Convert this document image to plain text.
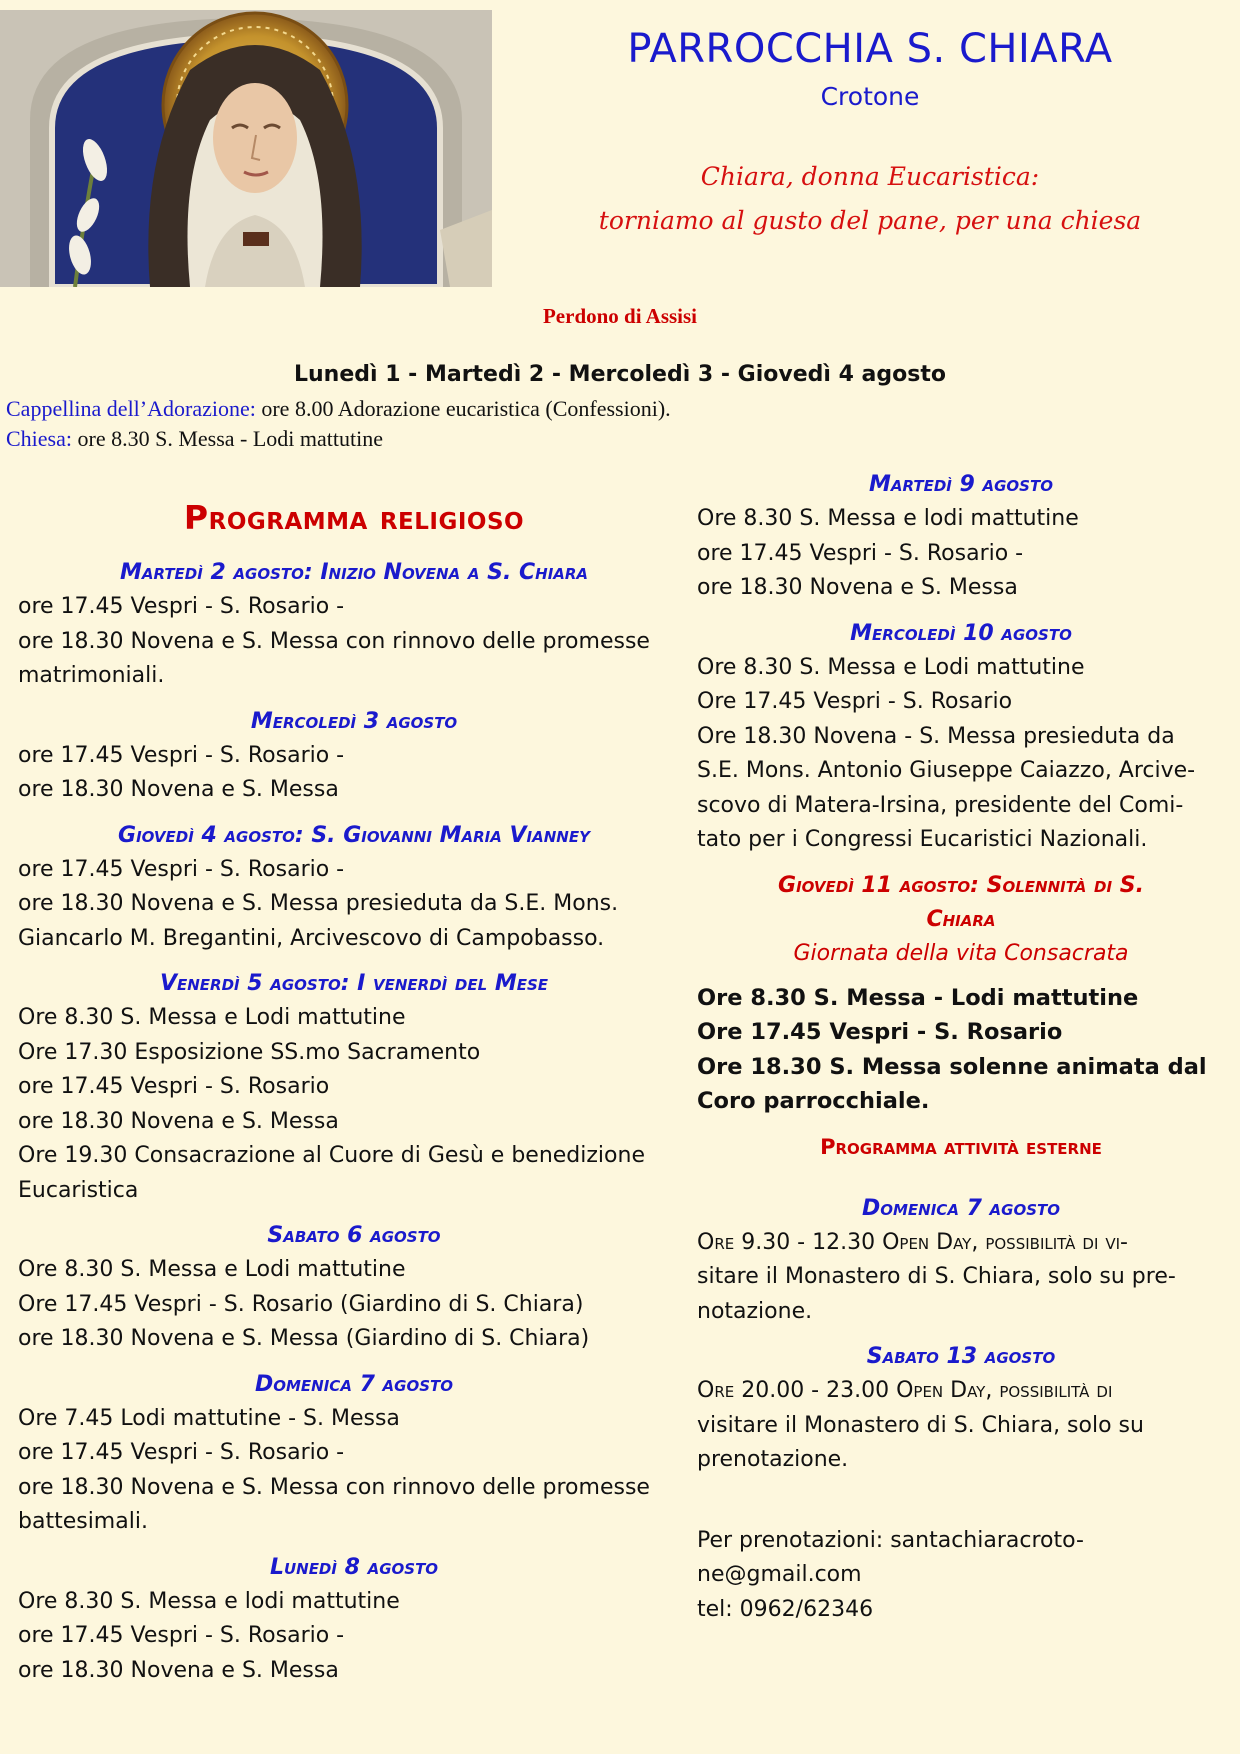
PARROCCHIA S. CHIARA
Crotone
Chiara, donna Eucaristica:
torniamo al gusto del pane, per una chiesa
Perdono di Assisi
Lunedì 1 - Martedì 2 - Mercoledì 3 - Giovedì 4 agosto
Cappellina dell’Adorazione: ore 8.00 Adorazione eucaristica (Confessioni).
Chiesa: ore 8.30 S. Messa - Lodi mattutine
Programma religioso
Martedì 2 agosto: Inizio Novena a S. Chiara
ore 17.45 Vespri - S. Rosario -
ore 18.30 Novena e S. Messa con rinnovo delle promesse
matrimoniali.
Mercoledì 3 agosto
ore 17.45 Vespri - S. Rosario -
ore 18.30 Novena e S. Messa
Giovedì 4 agosto: S. Giovanni Maria Vianney
ore 17.45 Vespri - S. Rosario -
ore 18.30 Novena e S. Messa presieduta da S.E. Mons.
Giancarlo M. Bregantini, Arcivescovo di Campobasso.
Venerdì 5 agosto: I venerdì del Mese
Ore 8.30 S. Messa e Lodi mattutine
Ore 17.30 Esposizione SS.mo Sacramento
ore 17.45 Vespri - S. Rosario
ore 18.30 Novena e S. Messa
Ore 19.30 Consacrazione al Cuore di Gesù e benedizione
Eucaristica
Sabato 6 agosto
Ore 8.30 S. Messa e Lodi mattutine
Ore 17.45 Vespri - S. Rosario (Giardino di S. Chiara)
ore 18.30 Novena e S. Messa (Giardino di S. Chiara)
Domenica 7 agosto
Ore 7.45 Lodi mattutine - S. Messa
ore 17.45 Vespri - S. Rosario -
ore 18.30 Novena e S. Messa con rinnovo delle promesse
battesimali.
Lunedì 8 agosto
Ore 8.30 S. Messa e lodi mattutine
ore 17.45 Vespri - S. Rosario -
ore 18.30 Novena e S. Messa
Martedì 9 agosto
Ore 8.30 S. Messa e lodi mattutine
ore 17.45 Vespri - S. Rosario -
ore 18.30 Novena e S. Messa
Mercoledì 10 agosto
Ore 8.30 S. Messa e Lodi mattutine
Ore 17.45 Vespri - S. Rosario
Ore 18.30 Novena - S. Messa presieduta da
S.E. Mons. Antonio Giuseppe Caiazzo, Arcive-
scovo di Matera-Irsina, presidente del Comi-
tato per i Congressi Eucaristici Nazionali.
Giovedì 11 agosto: Solennità di S.
Chiara
Giornata della vita Consacrata
Ore 8.30 S. Messa - Lodi mattutine
Ore 17.45 Vespri - S. Rosario
Ore 18.30 S. Messa solenne animata dal
Coro parrocchiale.
Programma attività esterne
Domenica 7 agosto
Ore 9.30 - 12.30 Open Day, possibilità di vi-
sitare il Monastero di S. Chiara, solo su pre-
notazione.
Sabato 13 agosto
Ore 20.00 - 23.00 Open Day, possibilità di
visitare il Monastero di S. Chiara, solo su
prenotazione.
Per prenotazioni: santachiaracroto-
ne@gmail.com
tel: 0962/62346
